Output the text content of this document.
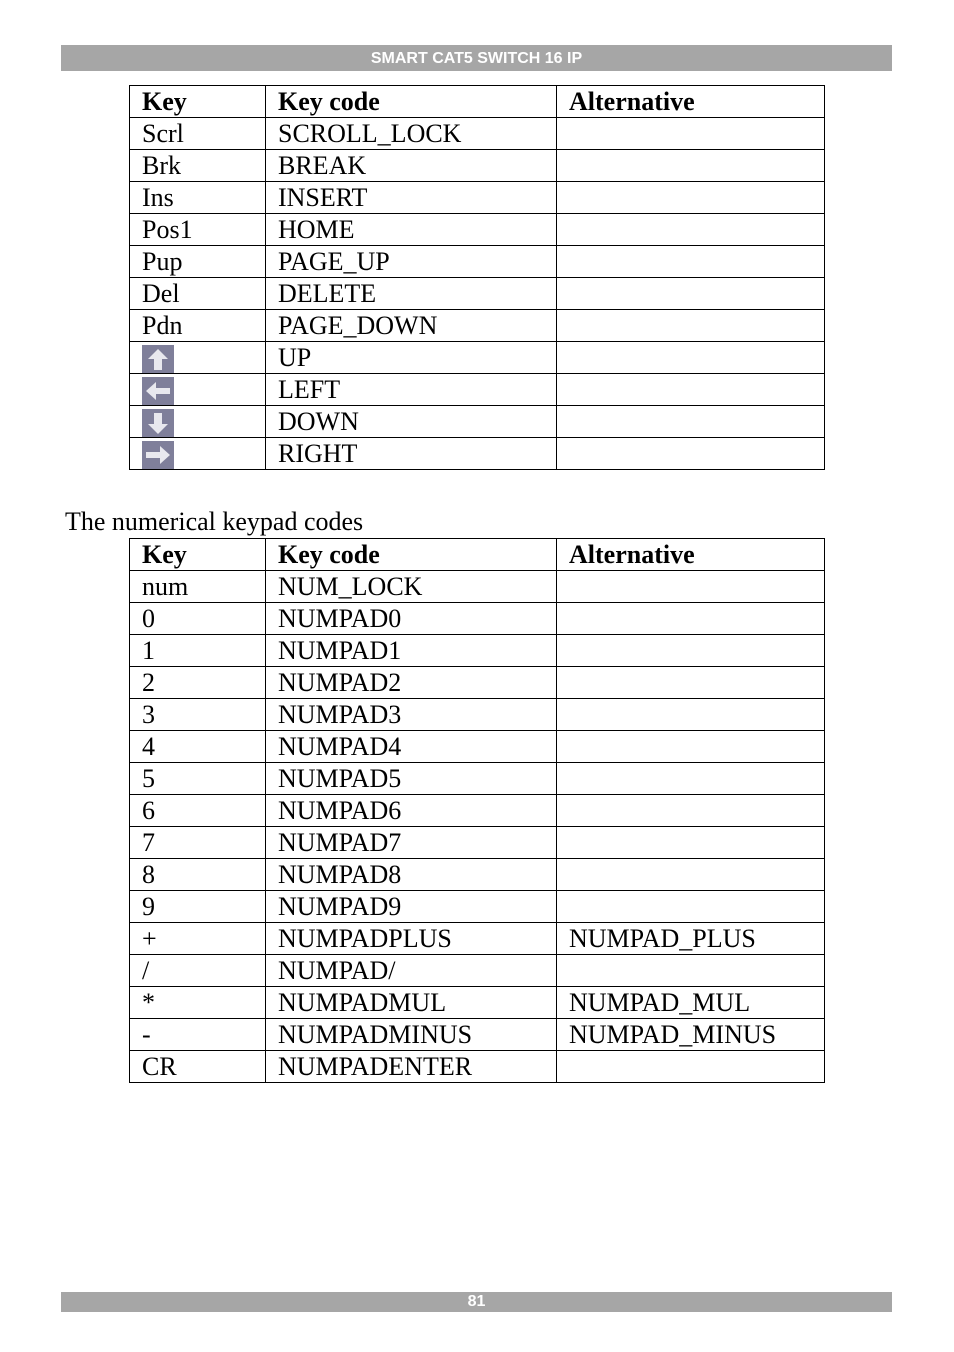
SMART CAT5 SWITCH 16 IP
Key	Key code	Alternative
Scrl	SCROLL_LOCK	
Brk	BREAK	
Ins	INSERT	
Pos1	HOME	
Pup	PAGE_UP	
Del	DELETE	
Pdn	PAGE_DOWN	

	UP	

	LEFT	

	DOWN	

	RIGHT	
The numerical keypad codes
Key	Key code	Alternative
num	NUM_LOCK	
0	NUMPAD0	
1	NUMPAD1	
2	NUMPAD2	
3	NUMPAD3	
4	NUMPAD4	
5	NUMPAD5	
6	NUMPAD6	
7	NUMPAD7	
8	NUMPAD8	
9	NUMPAD9	
+	NUMPADPLUS	NUMPAD_PLUS
/	NUMPAD/	
*	NUMPADMUL	NUMPAD_MUL
-	NUMPADMINUS	NUMPAD_MINUS
CR	NUMPADENTER	
81
